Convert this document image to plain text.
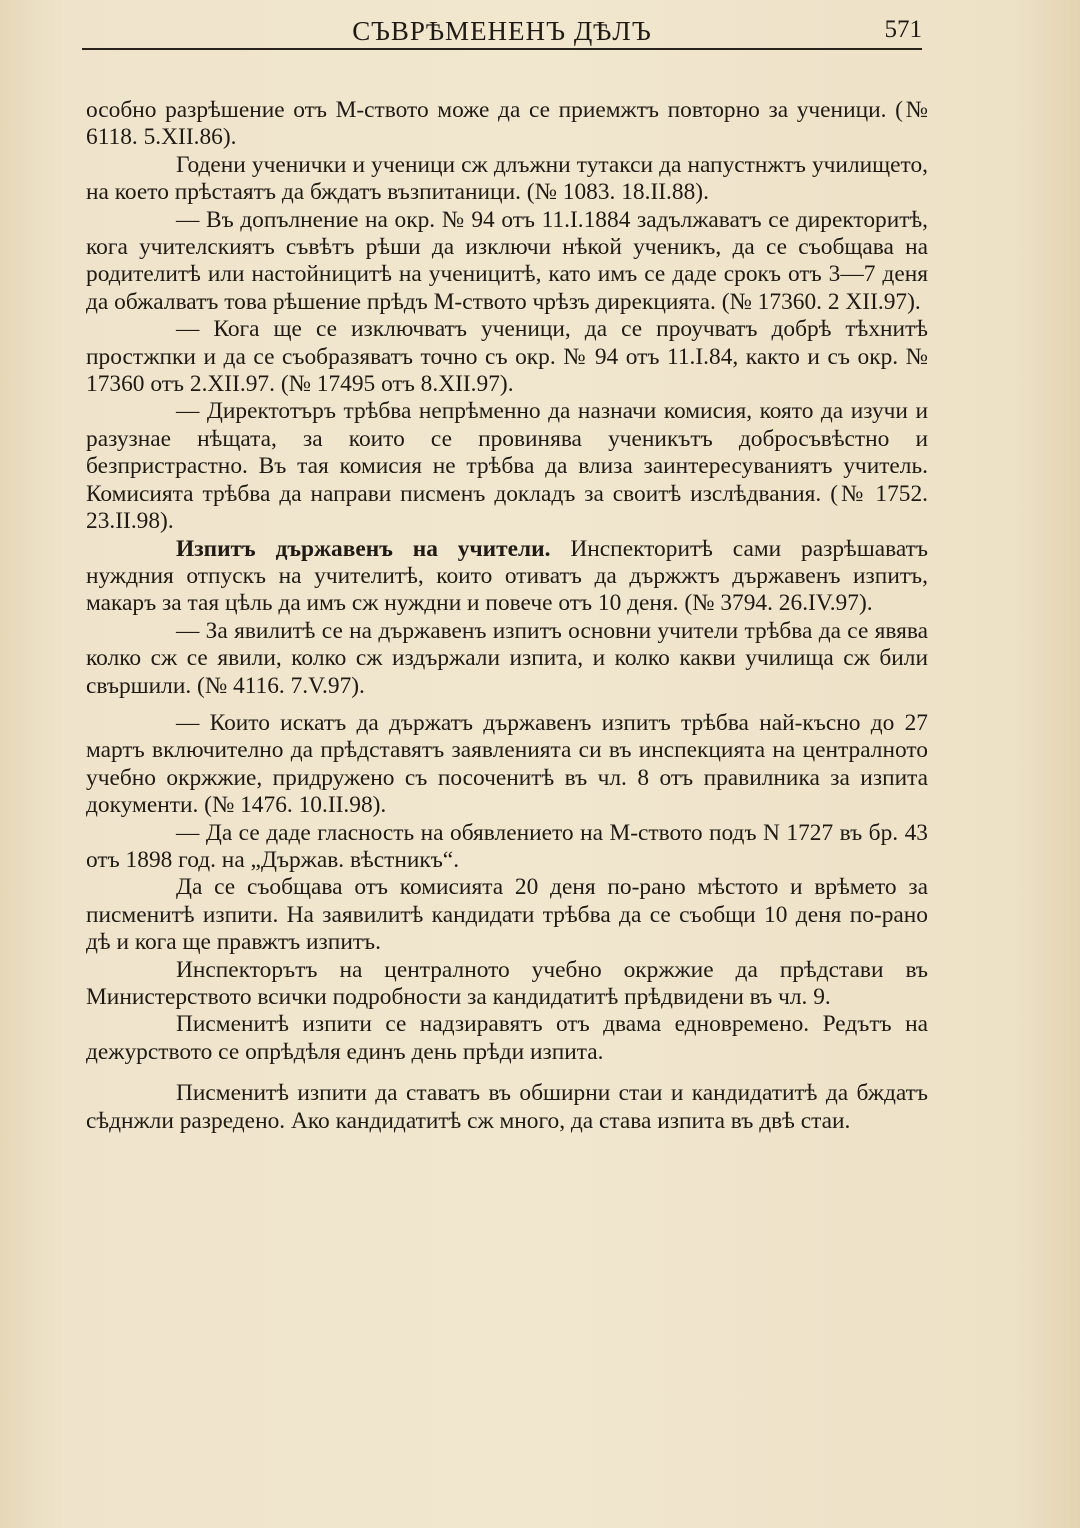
СЪВРѢМЕНЕНЪ ДѢЛЪ	571

особно разрѣшение отъ М-ството може да се приемжтъ повторно за ученици. (№ 6118. 5.XII.86).

Годени ученички и ученици сж длъжни тутакси да напустнжтъ училището, на което прѣстаятъ да бждатъ възпитаници. (№ 1083. 18.II.88).

— Въ допълнение на окр. № 94 отъ 11.I.1884 задължаватъ се директоритѣ, кога учителскиятъ съвѣтъ рѣши да изключи нѣкой ученикъ, да се съобщава на родителитѣ или настойницитѣ на ученицитѣ, като имъ се даде срокъ отъ 3—7 деня да обжалватъ това рѣшение прѣдъ М-ството чрѣзъ дирекцията. (№ 17360. 2 XII.97).

— Кога ще се изключватъ ученици, да се проучватъ добрѣ тѣхнитѣ простжпки и да се съобразяватъ точно съ окр. № 94 отъ 11.I.84, както и съ окр. № 17360 отъ 2.XII.97. (№ 17495 отъ 8.XII.97).

— Директотъръ трѣбва непрѣменно да назначи комисия, която да изучи и разузнае нѣщата, за които се провинява ученикътъ добросъвѣстно и безпристрастно. Въ тая комисия не трѣбва да влиза заинтересуваниятъ учитель. Комисията трѣбва да направи писменъ докладъ за своитѣ изслѣдвания. (№ 1752. 23.II.98).

Изпитъ държавенъ на учители. Инспекторитѣ сами разрѣшаватъ нуждния отпускъ на учителитѣ, които отиватъ да държжтъ държавенъ изпитъ, макаръ за тая цѣль да имъ сж нуждни и повече отъ 10 деня. (№ 3794. 26.IV.97).

— За явилитѣ се на държавенъ изпитъ основни учители трѣбва да се явява колко сж се явили, колко сж издържали изпита, и колко какви училища сж били свършили. (№ 4116. 7.V.97).

— Които искатъ да държатъ държавенъ изпитъ трѣбва най-късно до 27 мартъ включително да прѣдставятъ заявленията си въ инспекцията на централното учебно окржжие, придружено съ посоченитѣ въ чл. 8 отъ правилника за изпита документи. (№ 1476. 10.II.98).

— Да се даде гласность на обявлението на М-ството подъ N 1727 въ бр. 43 отъ 1898 год. на „Държав. вѣстникъ“.

Да се съобщава отъ комисията 20 деня по-рано мѣстото и врѣмето за писменитѣ изпити. На заявилитѣ кандидати трѣбва да се съобщи 10 деня по-рано дѣ и кога ще правжтъ изпитъ.

Инспекторътъ на централното учебно окржжие да прѣдстави въ Министерството всички подробности за кандидатитѣ прѣдвидени въ чл. 9.

Писменитѣ изпити се надзиравятъ отъ двама едновремено. Редътъ на дежурството се опрѣдѣля единъ день прѣди изпита.

Писменитѣ изпити да ставатъ въ обширни стаи и кандидатитѣ да бждатъ сѣднжли разредено. Ако кандидатитѣ сж много, да става изпита въ двѣ стаи.
